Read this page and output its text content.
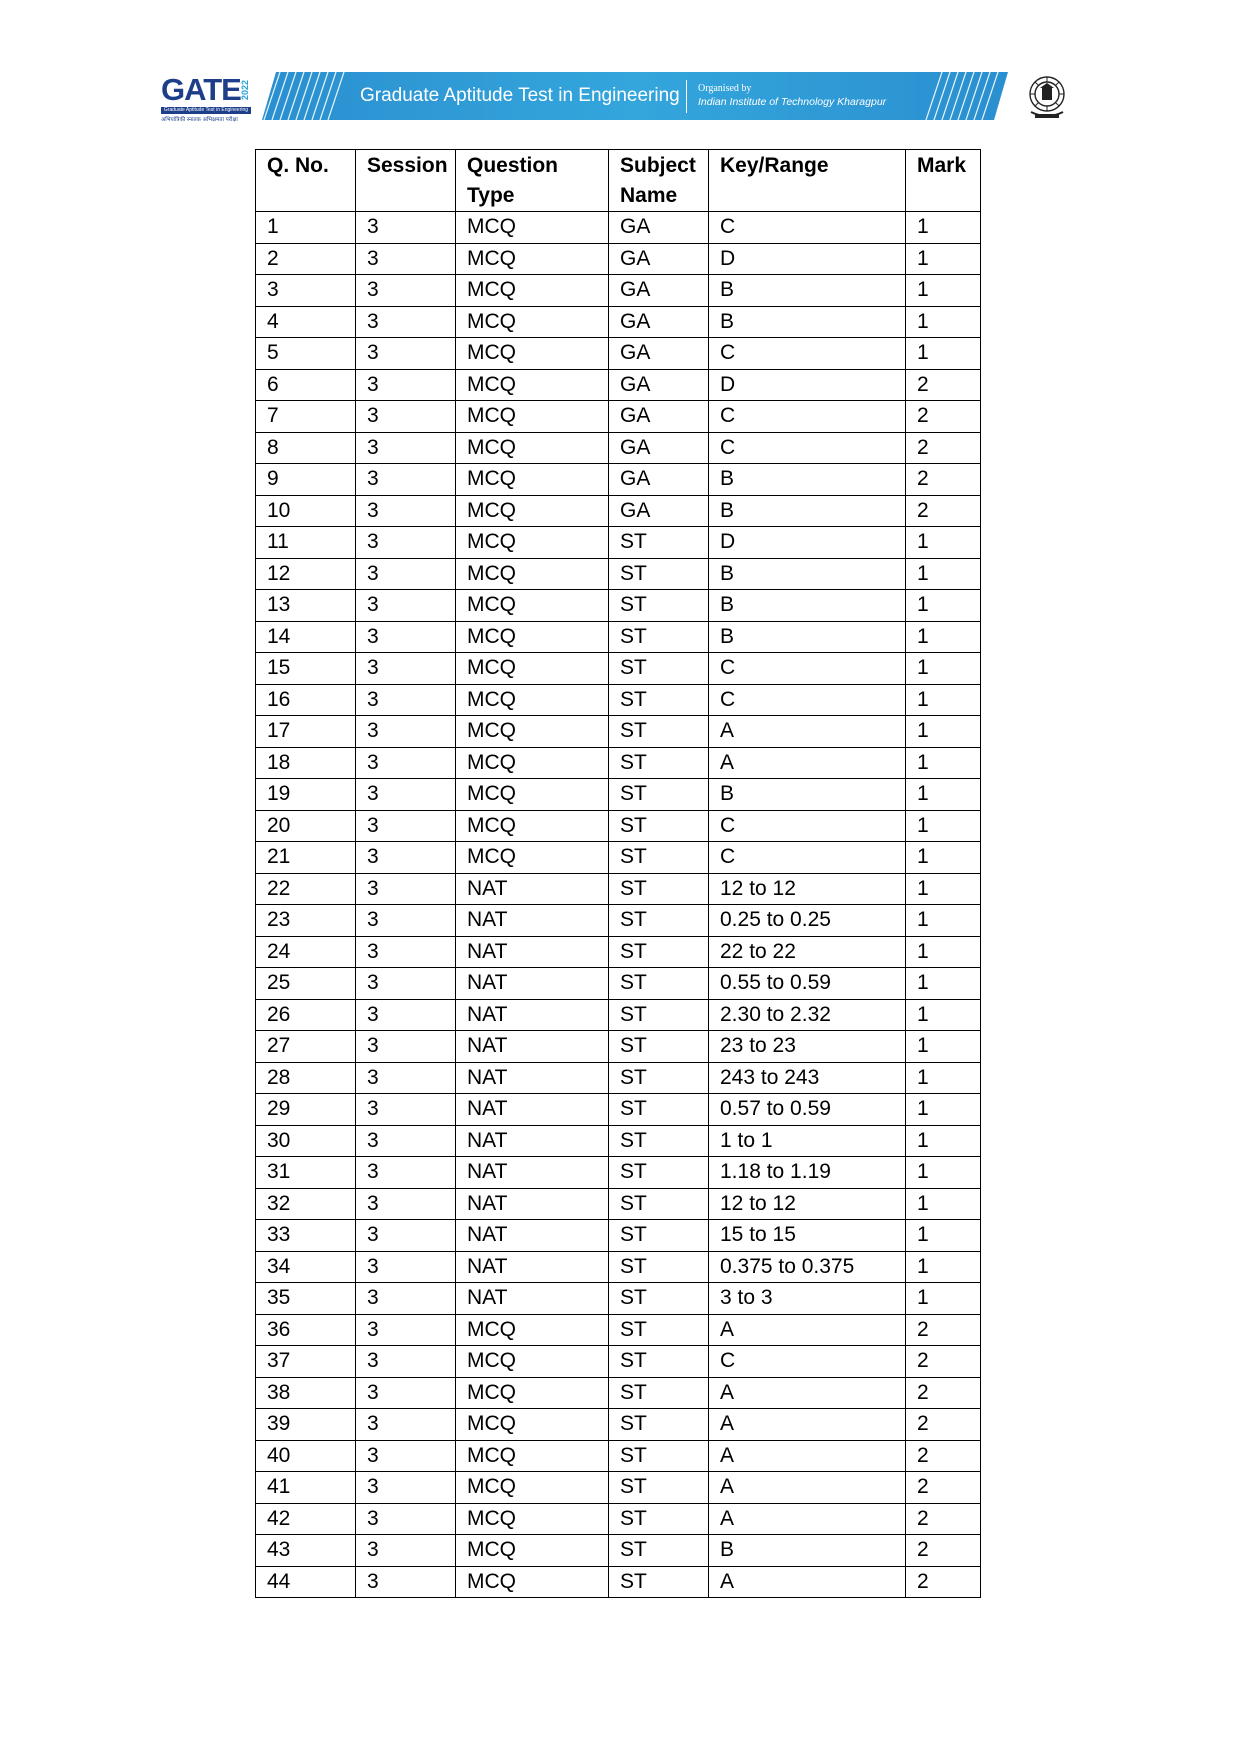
GATE 2022
Graduate Aptitude Test in Engineering
अभियांत्रिकी स्नातक अभिक्षमता परीक्षा
Graduate Aptitude Test in Engineering Organised by
Indian Institute of Technology Kharagpur
Q. No.	Session	Question Type	Subject Name	Key/Range	Mark
1	3	MCQ	GA	C	1
2	3	MCQ	GA	D	1
3	3	MCQ	GA	B	1
4	3	MCQ	GA	B	1
5	3	MCQ	GA	C	1
6	3	MCQ	GA	D	2
7	3	MCQ	GA	C	2
8	3	MCQ	GA	C	2
9	3	MCQ	GA	B	2
10	3	MCQ	GA	B	2
11	3	MCQ	ST	D	1
12	3	MCQ	ST	B	1
13	3	MCQ	ST	B	1
14	3	MCQ	ST	B	1
15	3	MCQ	ST	C	1
16	3	MCQ	ST	C	1
17	3	MCQ	ST	A	1
18	3	MCQ	ST	A	1
19	3	MCQ	ST	B	1
20	3	MCQ	ST	C	1
21	3	MCQ	ST	C	1
22	3	NAT	ST	12 to 12	1
23	3	NAT	ST	0.25 to 0.25	1
24	3	NAT	ST	22 to 22	1
25	3	NAT	ST	0.55 to 0.59	1
26	3	NAT	ST	2.30 to 2.32	1
27	3	NAT	ST	23 to 23	1
28	3	NAT	ST	243 to 243	1
29	3	NAT	ST	0.57 to 0.59	1
30	3	NAT	ST	1 to 1	1
31	3	NAT	ST	1.18 to 1.19	1
32	3	NAT	ST	12 to 12	1
33	3	NAT	ST	15 to 15	1
34	3	NAT	ST	0.375 to 0.375	1
35	3	NAT	ST	3 to 3	1
36	3	MCQ	ST	A	2
37	3	MCQ	ST	C	2
38	3	MCQ	ST	A	2
39	3	MCQ	ST	A	2
40	3	MCQ	ST	A	2
41	3	MCQ	ST	A	2
42	3	MCQ	ST	A	2
43	3	MCQ	ST	B	2
44	3	MCQ	ST	A	2
